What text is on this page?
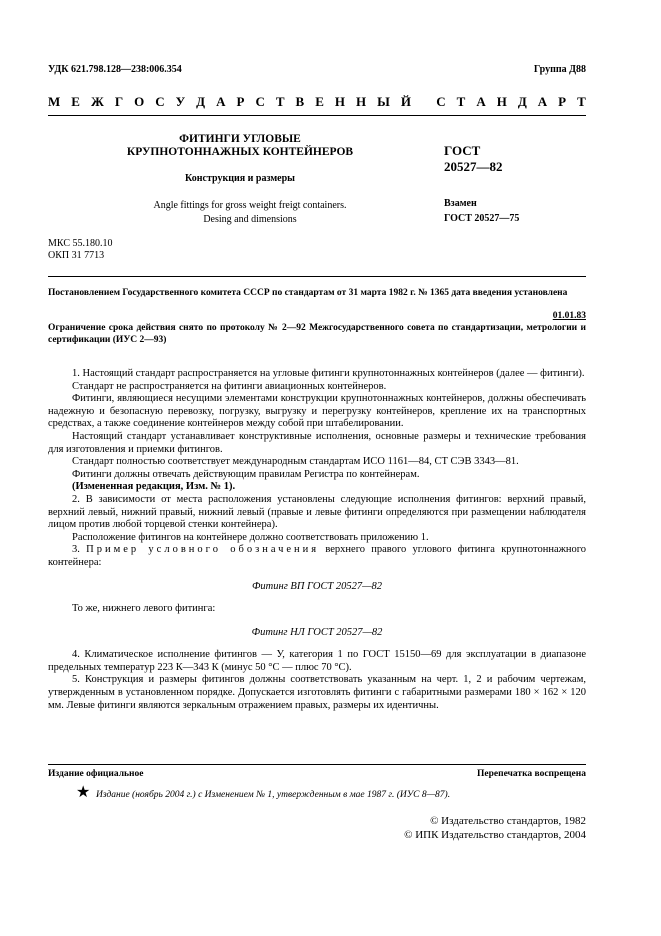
УДК 621.798.128—238:006.354	Группа Д88
М Е Ж Г О С У Д А Р С Т В Е Н Н Ы Й
С Т А Н Д А Р Т
ФИТИНГИ УГЛОВЫЕ
КРУПНОТОННАЖНЫХ КОНТЕЙНЕРОВ
Конструкция и размеры
Angle fittings for gross weight freigt containers.
Desing and dimensions
ГОСТ
20527—82
Взамен
ГОСТ 20527—75
МКС 55.180.10
ОКП 31 7713
Постановлением Государственного комитета СССР по стандартам от 31 марта 1982 г. № 1365 дата введения установлена
01.01.83
Ограничение срока действия снято по протоколу № 2—92 Межгосударственного совета по стандартизации, метрологии и сертификации (ИУС 2—93)

1. Настоящий стандарт распространяется на угловые фитинги крупнотоннажных контейнеров (далее — фитинги).

Стандарт не распространяется на фитинги авиационных контейнеров.

Фитинги, являющиеся несущими элементами конструкции крупнотоннажных контейнеров, должны обеспечивать надежную и безопасную перевозку, погрузку, выгрузку и перегрузку контейнеров, крепление их на транспортных средствах, а также соединение контейнеров между собой при штабелировании.

Настоящий стандарт устанавливает конструктивные исполнения, основные размеры и технические требования для изготовления и приемки фитингов.

Стандарт полностью соответствует международным стандартам ИСО 1161—84, СТ СЭВ 3343—81.

Фитинги должны отвечать действующим правилам Регистра по контейнерам.

(Измененная редакция, Изм. № 1).

2. В зависимости от места расположения установлены следующие исполнения фитингов: верхний правый, верхний левый, нижний правый, нижний левый (правые и левые фитинги определяются при размещении наблюдателя лицом против любой торцевой стенки контейнера).

Расположение фитингов на контейнере должно соответствовать приложению 1.

3. Пример условного обозначения верхнего правого углового фитинга крупнотоннажного контейнера:

Фитинг ВП ГОСТ 20527—82

То же, нижнего левого фитинга:

Фитинг НЛ ГОСТ 20527—82

4. Климатическое исполнение фитингов — У, категория 1 по ГОСТ 15150—69 для эксплуатации в диапазоне предельных температур 223 К—343 К (минус 50 °С — плюс 70 °С).

5. Конструкция и размеры фитингов должны соответствовать указанным на черт. 1, 2 и рабочим чертежам, утвержденным в установленном порядке. Допускается изготовлять фитинги с габаритными размерами 180 × 162 × 120 мм. Левые фитинги являются зеркальным отражением правых, размеры их идентичны.

Издание официальное	Перепечатка воспрещена
★ Издание (ноябрь 2004 г.) с Изменением № 1, утвержденным в мае 1987 г. (ИУС 8—87).
© Издательство стандартов, 1982
© ИПК Издательство стандартов, 2004
